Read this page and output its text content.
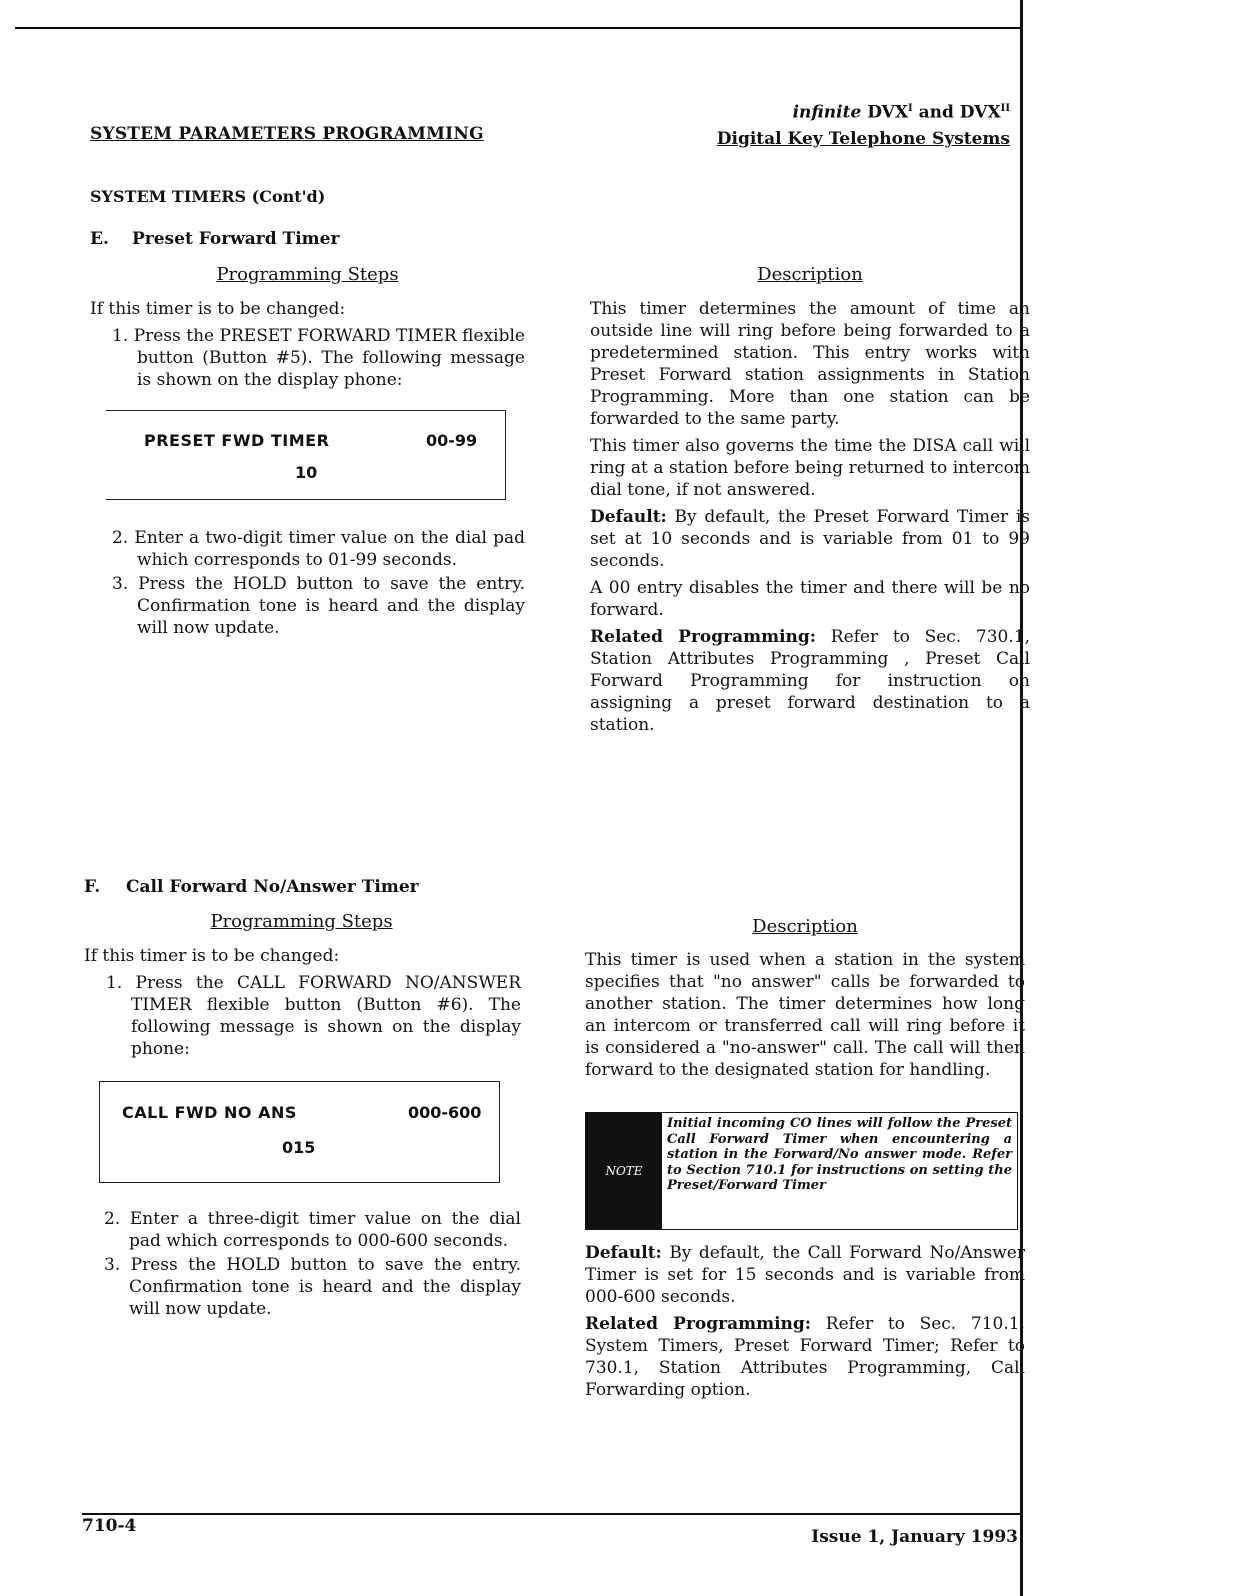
SYSTEM PARAMETERS PROGRAMMING
infinite $DVX^I$ and $DVX^{II}$
Digital Key Telephone Systems
SYSTEM TIMERS (Cont'd)
E. Preset Forward Timer
Programming Steps	Description
If this timer is to be changed:
1. Press the PRESET FORWARD TIMER flexible button (Button #5). The following message is shown on the display phone:
PRESET FWD TIMER	00-99
10
2. Enter a two-digit timer value on the dial pad which corresponds to 01-99 seconds.
3. Press the HOLD button to save the entry. Confirmation tone is heard and the display will now update.

This timer determines the amount of time an outside line will ring before being forwarded to a predetermined station. This entry works with Preset Forward station assignments in Station Programming. More than one station can be forwarded to the same party.

This timer also governs the time the DISA call will ring at a station before being returned to intercom dial tone, if not answered.

Default: By default, the Preset Forward Timer is set at 10 seconds and is variable from 01 to 99 seconds.

A 00 entry disables the timer and there will be no forward.

Related Programming: Refer to Sec. 730.1, Station Attributes Programming , Preset Call Forward Programming for instruction on assigning a preset forward destination to a station.

F. Call Forward No/Answer Timer
Programming Steps	Description
If this timer is to be changed:
1. Press the CALL FORWARD NO/ANSWER TIMER flexible button (Button #6). The following message is shown on the display phone:
CALL FWD NO ANS	000-600
015
2. Enter a three-digit timer value on the dial pad which corresponds to 000-600 seconds.
3. Press the HOLD button to save the entry. Confirmation tone is heard and the display will now update.

This timer is used when a station in the system specifies that "no answer" calls be forwarded to another station. The timer determines how long an intercom or transferred call will ring before it is considered a "no-answer" call. The call will then forward to the designated station for handling.

NOTE
Initial incoming CO lines will follow the Preset Call Forward Timer when encountering a station in the Forward/No answer mode. Refer to Section 710.1 for instructions on setting the Preset/Forward Timer

Default: By default, the Call Forward No/Answer Timer is set for 15 seconds and is variable from 000-600 seconds.

Related Programming: Refer to Sec. 710.1, System Timers, Preset Forward Timer; Refer to 730.1, Station Attributes Programming, Call Forwarding option.

710-4
Issue 1, January 1993
